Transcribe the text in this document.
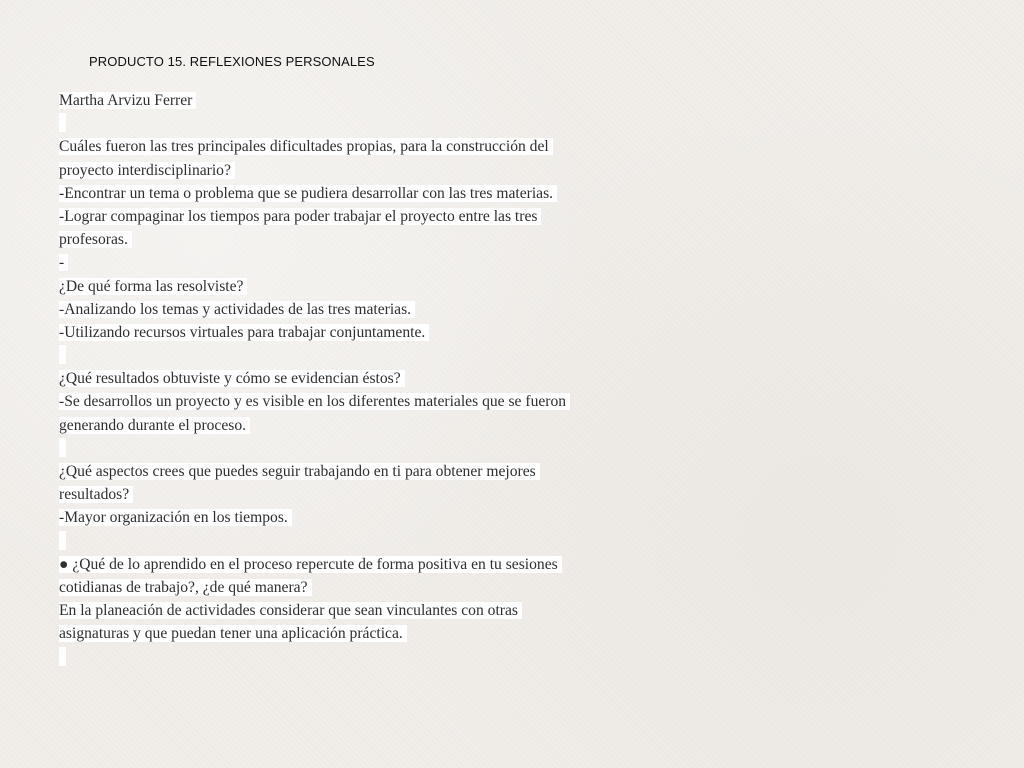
PRODUCTO 15. REFLEXIONES PERSONALES
Martha Arvizu Ferrer
Cuáles fueron las tres principales dificultades propias, para la construcción del
proyecto interdisciplinario?
-Encontrar un tema o problema que se pudiera desarrollar con las tres materias.
-Lograr compaginar los tiempos para poder trabajar el proyecto entre las tres
profesoras.
-
¿De qué forma las resolviste?
-Analizando los temas y actividades de las tres materias.
-Utilizando recursos virtuales para trabajar conjuntamente.
¿Qué resultados obtuviste y cómo se evidencian éstos?
-Se desarrollos un proyecto y es visible en los diferentes materiales que se fueron
generando durante el proceso.
¿Qué aspectos crees que puedes seguir trabajando en ti para obtener mejores
resultados?
-Mayor organización en los tiempos.
● ¿Qué de lo aprendido en el proceso repercute de forma positiva en tu sesiones
cotidianas de trabajo?, ¿de qué manera?
En la planeación de actividades considerar que sean vinculantes con otras
asignaturas y que puedan tener una aplicación práctica.
